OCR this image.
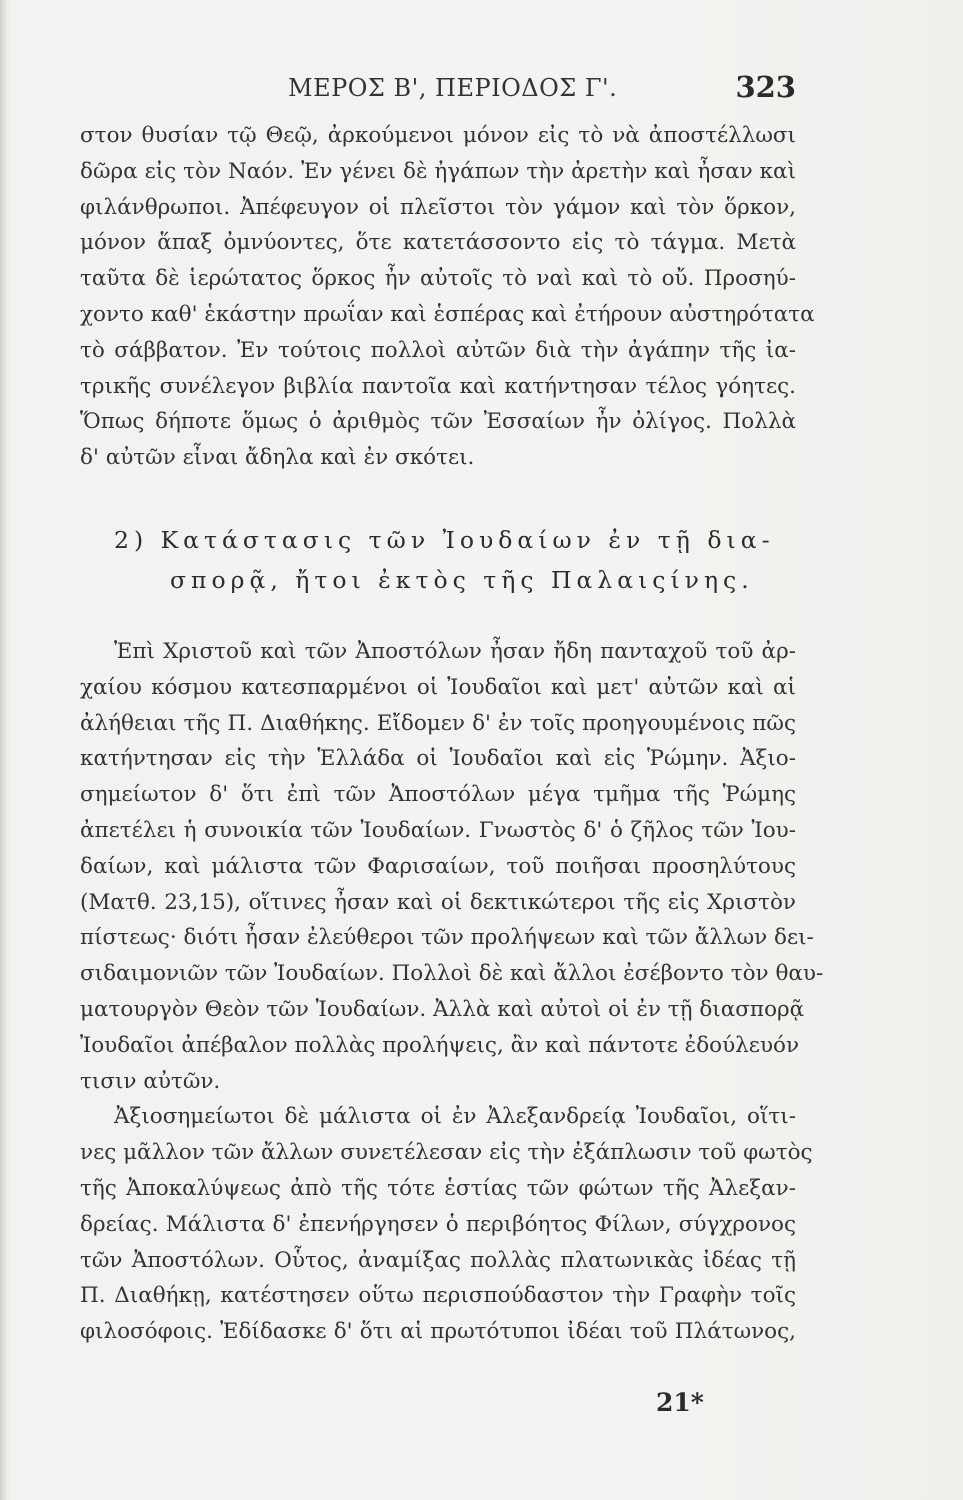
ΜΕΡΟΣ Β', ΠΕΡΙΟΔΟΣ Γ'.	323
στον θυσίαν τῷ Θεῷ, ἀρκούμενοι μόνον εἰς τὸ νὰ ἀποστέλλωσι
δῶρα εἰς τὸν Ναόν. Ἐν γένει δὲ ἠγάπων τὴν ἀρετὴν καὶ ἦσαν καὶ
φιλάνθρωποι. Ἀπέφευγον οἱ πλεῖστοι τὸν γάμον καὶ τὸν ὅρκον,
μόνον ἅπαξ ὀμνύοντες, ὅτε κατετάσσοντο εἰς τὸ τάγμα. Μετὰ
ταῦτα δὲ ἱερώτατος ὅρκος ἦν αὐτοῖς τὸ ναὶ καὶ τὸ οὔ. Προσηύ-
χοντο καθ' ἑκάστην πρωΐαν καὶ ἑσπέρας καὶ ἐτήρουν αὐστηρότατα
τὸ σάββατον. Ἐν τούτοις πολλοὶ αὐτῶν διὰ τὴν ἀγάπην τῆς ἰα-
τρικῆς συνέλεγον βιβλία παντοῖα καὶ κατήντησαν τέλος γόητες.
Ὅπως δήποτε ὅμως ὁ ἀριθμὸς τῶν Ἐσσαίων ἦν ὀλίγος. Πολλὰ
δ' αὐτῶν εἶναι ἄδηλα καὶ ἐν σκότει.
2) Κατάστασις τῶν Ἰουδαίων ἐν τῇ δια-
σπορᾷ, ἤτοι ἐκτὸς τῆς Παλαιςίνης.
Ἐπὶ Χριστοῦ καὶ τῶν Ἀποστόλων ἦσαν ἤδη πανταχοῦ τοῦ ἀρ-
χαίου κόσμου κατεσπαρμένοι οἱ Ἰουδαῖοι καὶ μετ' αὐτῶν καὶ αἱ
ἀλήθειαι τῆς Π. Διαθήκης. Εἴδομεν δ' ἐν τοῖς προηγουμένοις πῶς
κατήντησαν εἰς τὴν Ἑλλάδα οἱ Ἰουδαῖοι καὶ εἰς Ῥώμην. Ἀξιο-
σημείωτον δ' ὅτι ἐπὶ τῶν Ἀποστόλων μέγα τμῆμα τῆς Ῥώμης
ἀπετέλει ἡ συνοικία τῶν Ἰουδαίων. Γνωστὸς δ' ὁ ζῆλος τῶν Ἰου-
δαίων, καὶ μάλιστα τῶν Φαρισαίων, τοῦ ποιῆσαι προσηλύτους
(Ματθ. 23,15), οἵτινες ἦσαν καὶ οἱ δεκτικώτεροι τῆς εἰς Χριστὸν
πίστεως· διότι ἦσαν ἐλεύθεροι τῶν προλήψεων καὶ τῶν ἄλλων δει-
σιδαιμονιῶν τῶν Ἰουδαίων. Πολλοὶ δὲ καὶ ἄλλοι ἐσέβοντο τὸν θαυ-
ματουργὸν Θεὸν τῶν Ἰουδαίων. Ἀλλὰ καὶ αὐτοὶ οἱ ἐν τῇ διασπορᾷ
Ἰουδαῖοι ἀπέβαλον πολλὰς προλήψεις, ἂν καὶ πάντοτε ἐδούλευόν
τισιν αὐτῶν.
Ἀξιοσημείωτοι δὲ μάλιστα οἱ ἐν Ἀλεξανδρείᾳ Ἰουδαῖοι, οἵτι-
νες μᾶλλον τῶν ἄλλων συνετέλεσαν εἰς τὴν ἐξάπλωσιν τοῦ φωτὸς
τῆς Ἀποκαλύψεως ἀπὸ τῆς τότε ἑστίας τῶν φώτων τῆς Ἀλεξαν-
δρείας. Μάλιστα δ' ἐπενήργησεν ὁ περιβόητος Φίλων, σύγχρονος
τῶν Ἀποστόλων. Οὗτος, ἀναμίξας πολλὰς πλατωνικὰς ἰδέας τῇ
Π. Διαθήκῃ, κατέστησεν οὕτω περισπούδαστον τὴν Γραφὴν τοῖς
φιλοσόφοις. Ἐδίδασκε δ' ὅτι αἱ πρωτότυποι ἰδέαι τοῦ Πλάτωνος,
21*
